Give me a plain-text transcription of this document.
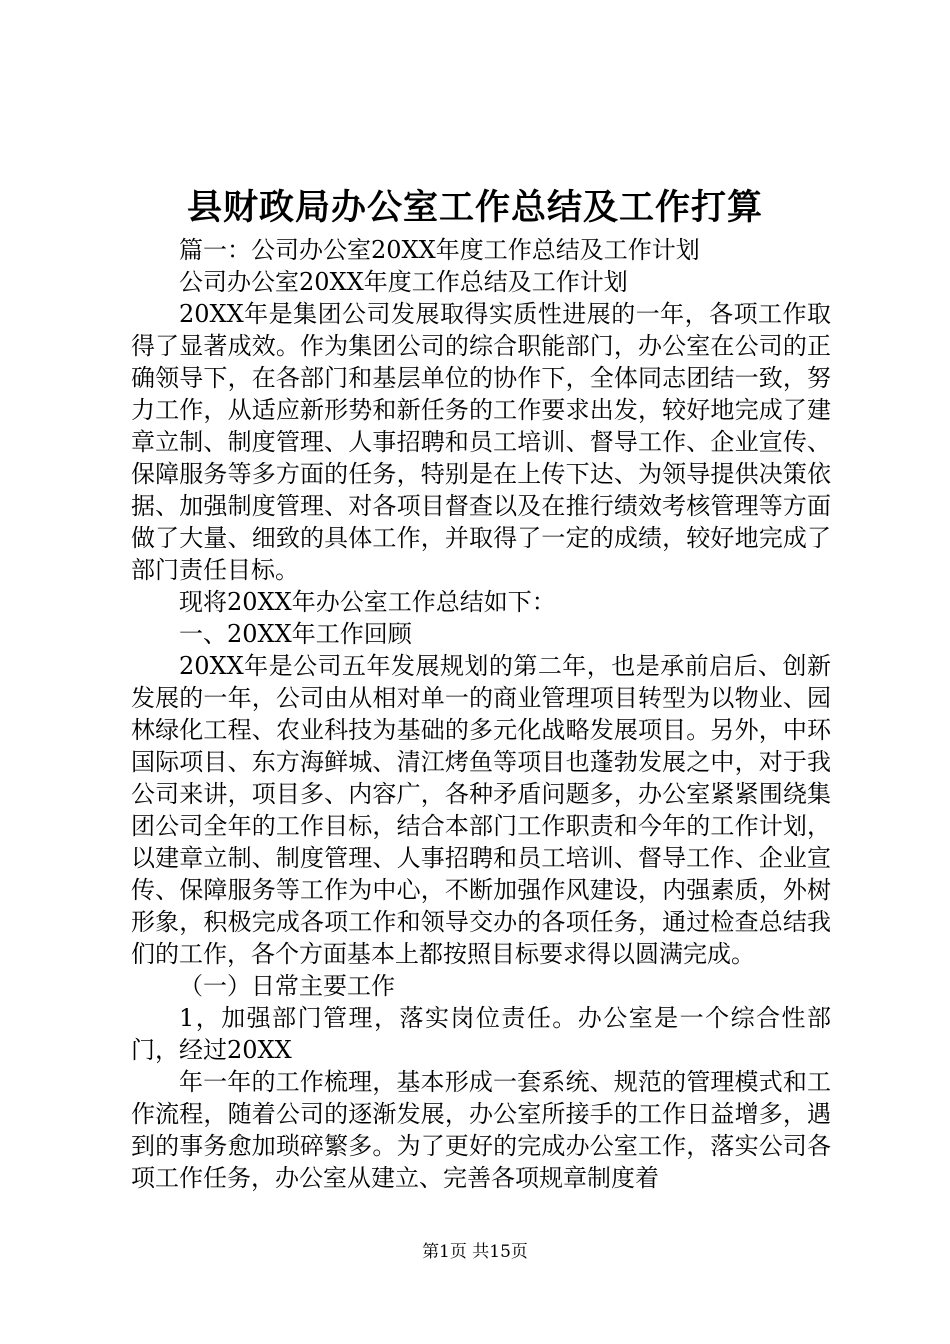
县财政局办公室工作总结及工作打算

篇一：公司办公室20XX年度工作总结及工作计划

公司办公室20XX年度工作总结及工作计划

20XX年是集团公司发展取得实质性进展的一年，各项工作取得了显著成效。作为集团公司的综合职能部门，办公室在公司的正确领导下，在各部门和基层单位的协作下，全体同志团结一致，努力工作，从适应新形势和新任务的工作要求出发，较好地完成了建章立制、制度管理、人事招聘和员工培训、督导工作、企业宣传、保障服务等多方面的任务，特别是在上传下达、为领导提供决策依据、加强制度管理、对各项目督查以及在推行绩效考核管理等方面做了大量、细致的具体工作，并取得了一定的成绩，较好地完成了部门责任目标。

现将20XX年办公室工作总结如下：

一、20XX年工作回顾

20XX年是公司五年发展规划的第二年，也是承前启后、创新发展的一年，公司由从相对单一的商业管理项目转型为以物业、园林绿化工程、农业科技为基础的多元化战略发展项目。另外，中环国际项目、东方海鲜城、清江烤鱼等项目也蓬勃发展之中，对于我公司来讲，项目多、内容广，各种矛盾问题多，办公室紧紧围绕集团公司全年的工作目标，结合本部门工作职责和今年的工作计划，以建章立制、制度管理、人事招聘和员工培训、督导工作、企业宣传、保障服务等工作为中心，不断加强作风建设，内强素质，外树形象，积极完成各项工作和领导交办的各项任务，通过检查总结我们的工作，各个方面基本上都按照目标要求得以圆满完成。

（一）日常主要工作

1，加强部门管理，落实岗位责任。办公室是一个综合性部门，经过20XX

年一年的工作梳理，基本形成一套系统、规范的管理模式和工作流程，随着公司的逐渐发展，办公室所接手的工作日益增多，遇到的事务愈加琐碎繁多。为了更好的完成办公室工作，落实公司各项工作任务，办公室从建立、完善各项规章制度着

第1页 共15页
